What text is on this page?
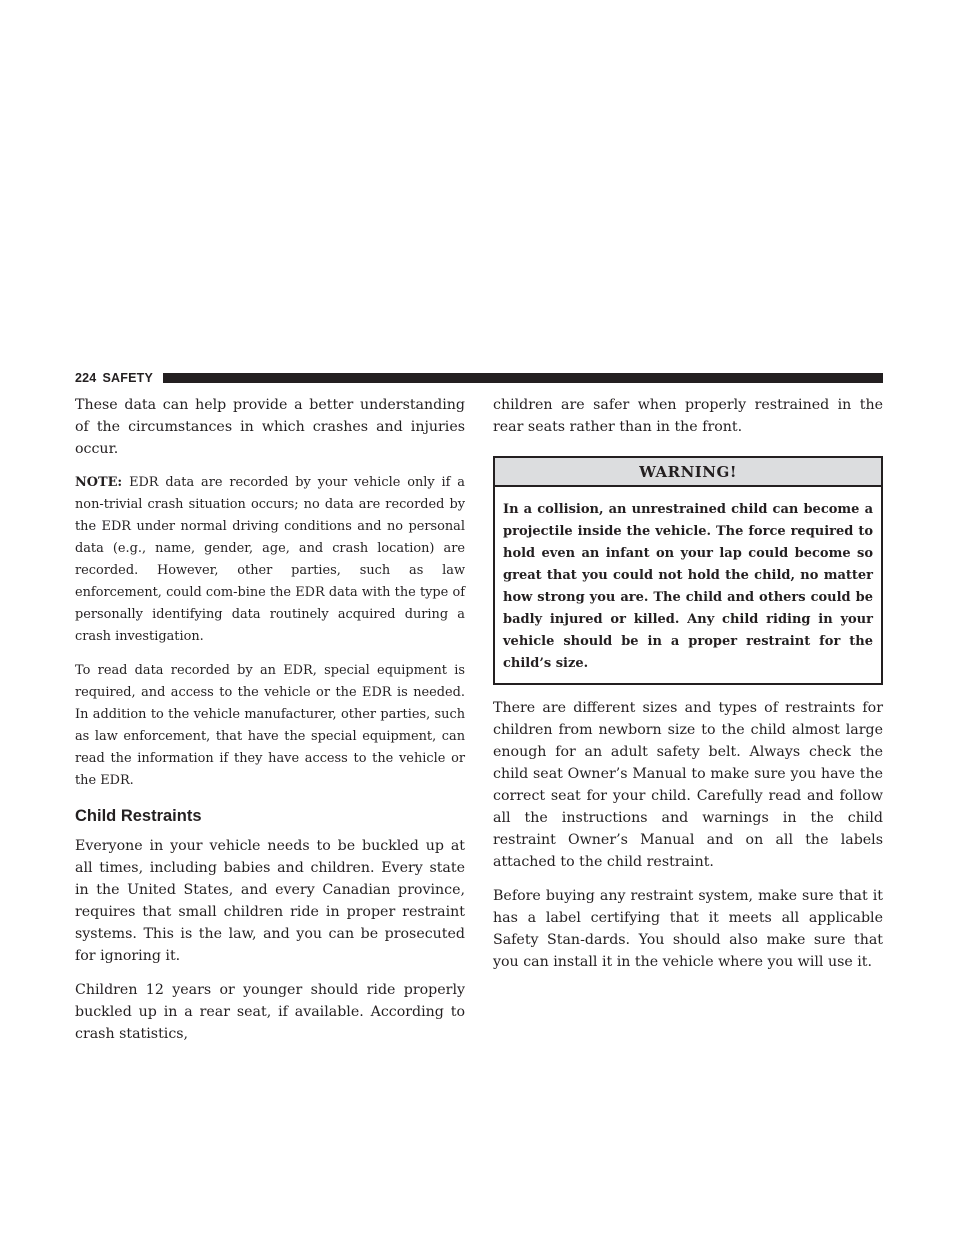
224 SAFETY

These data can help provide a better understanding of the circumstances in which crashes and injuries occur.

NOTE: EDR data are recorded by your vehicle only if a non-trivial crash situation occurs; no data are recorded by the EDR under normal driving conditions and no personal data (e.g., name, gender, age, and crash location) are recorded. However, other parties, such as law enforcement, could com-bine the EDR data with the type of personally identifying data routinely acquired during a crash investigation.

To read data recorded by an EDR, special equipment is required, and access to the vehicle or the EDR is needed. In addition to the vehicle manufacturer, other parties, such as law enforcement, that have the special equipment, can read the information if they have access to the vehicle or the EDR.

Child Restraints

Everyone in your vehicle needs to be buckled up at all times, including babies and children. Every state in the United States, and every Canadian province, requires that small children ride in proper restraint systems. This is the law, and you can be prosecuted for ignoring it.

Children 12 years or younger should ride properly buckled up in a rear seat, if available. According to crash statistics,

children are safer when properly restrained in the rear seats rather than in the front.

WARNING!

In a collision, an unrestrained child can become a projectile inside the vehicle. The force required to hold even an infant on your lap could become so great that you could not hold the child, no matter how strong you are. The child and others could be badly injured or killed. Any child riding in your vehicle should be in a proper restraint for the child’s size.

There are different sizes and types of restraints for children from newborn size to the child almost large enough for an adult safety belt. Always check the child seat Owner’s Manual to make sure you have the correct seat for your child. Carefully read and follow all the instructions and warnings in the child restraint Owner’s Manual and on all the labels attached to the child restraint.

Before buying any restraint system, make sure that it has a label certifying that it meets all applicable Safety Stan-dards. You should also make sure that you can install it in the vehicle where you will use it.
